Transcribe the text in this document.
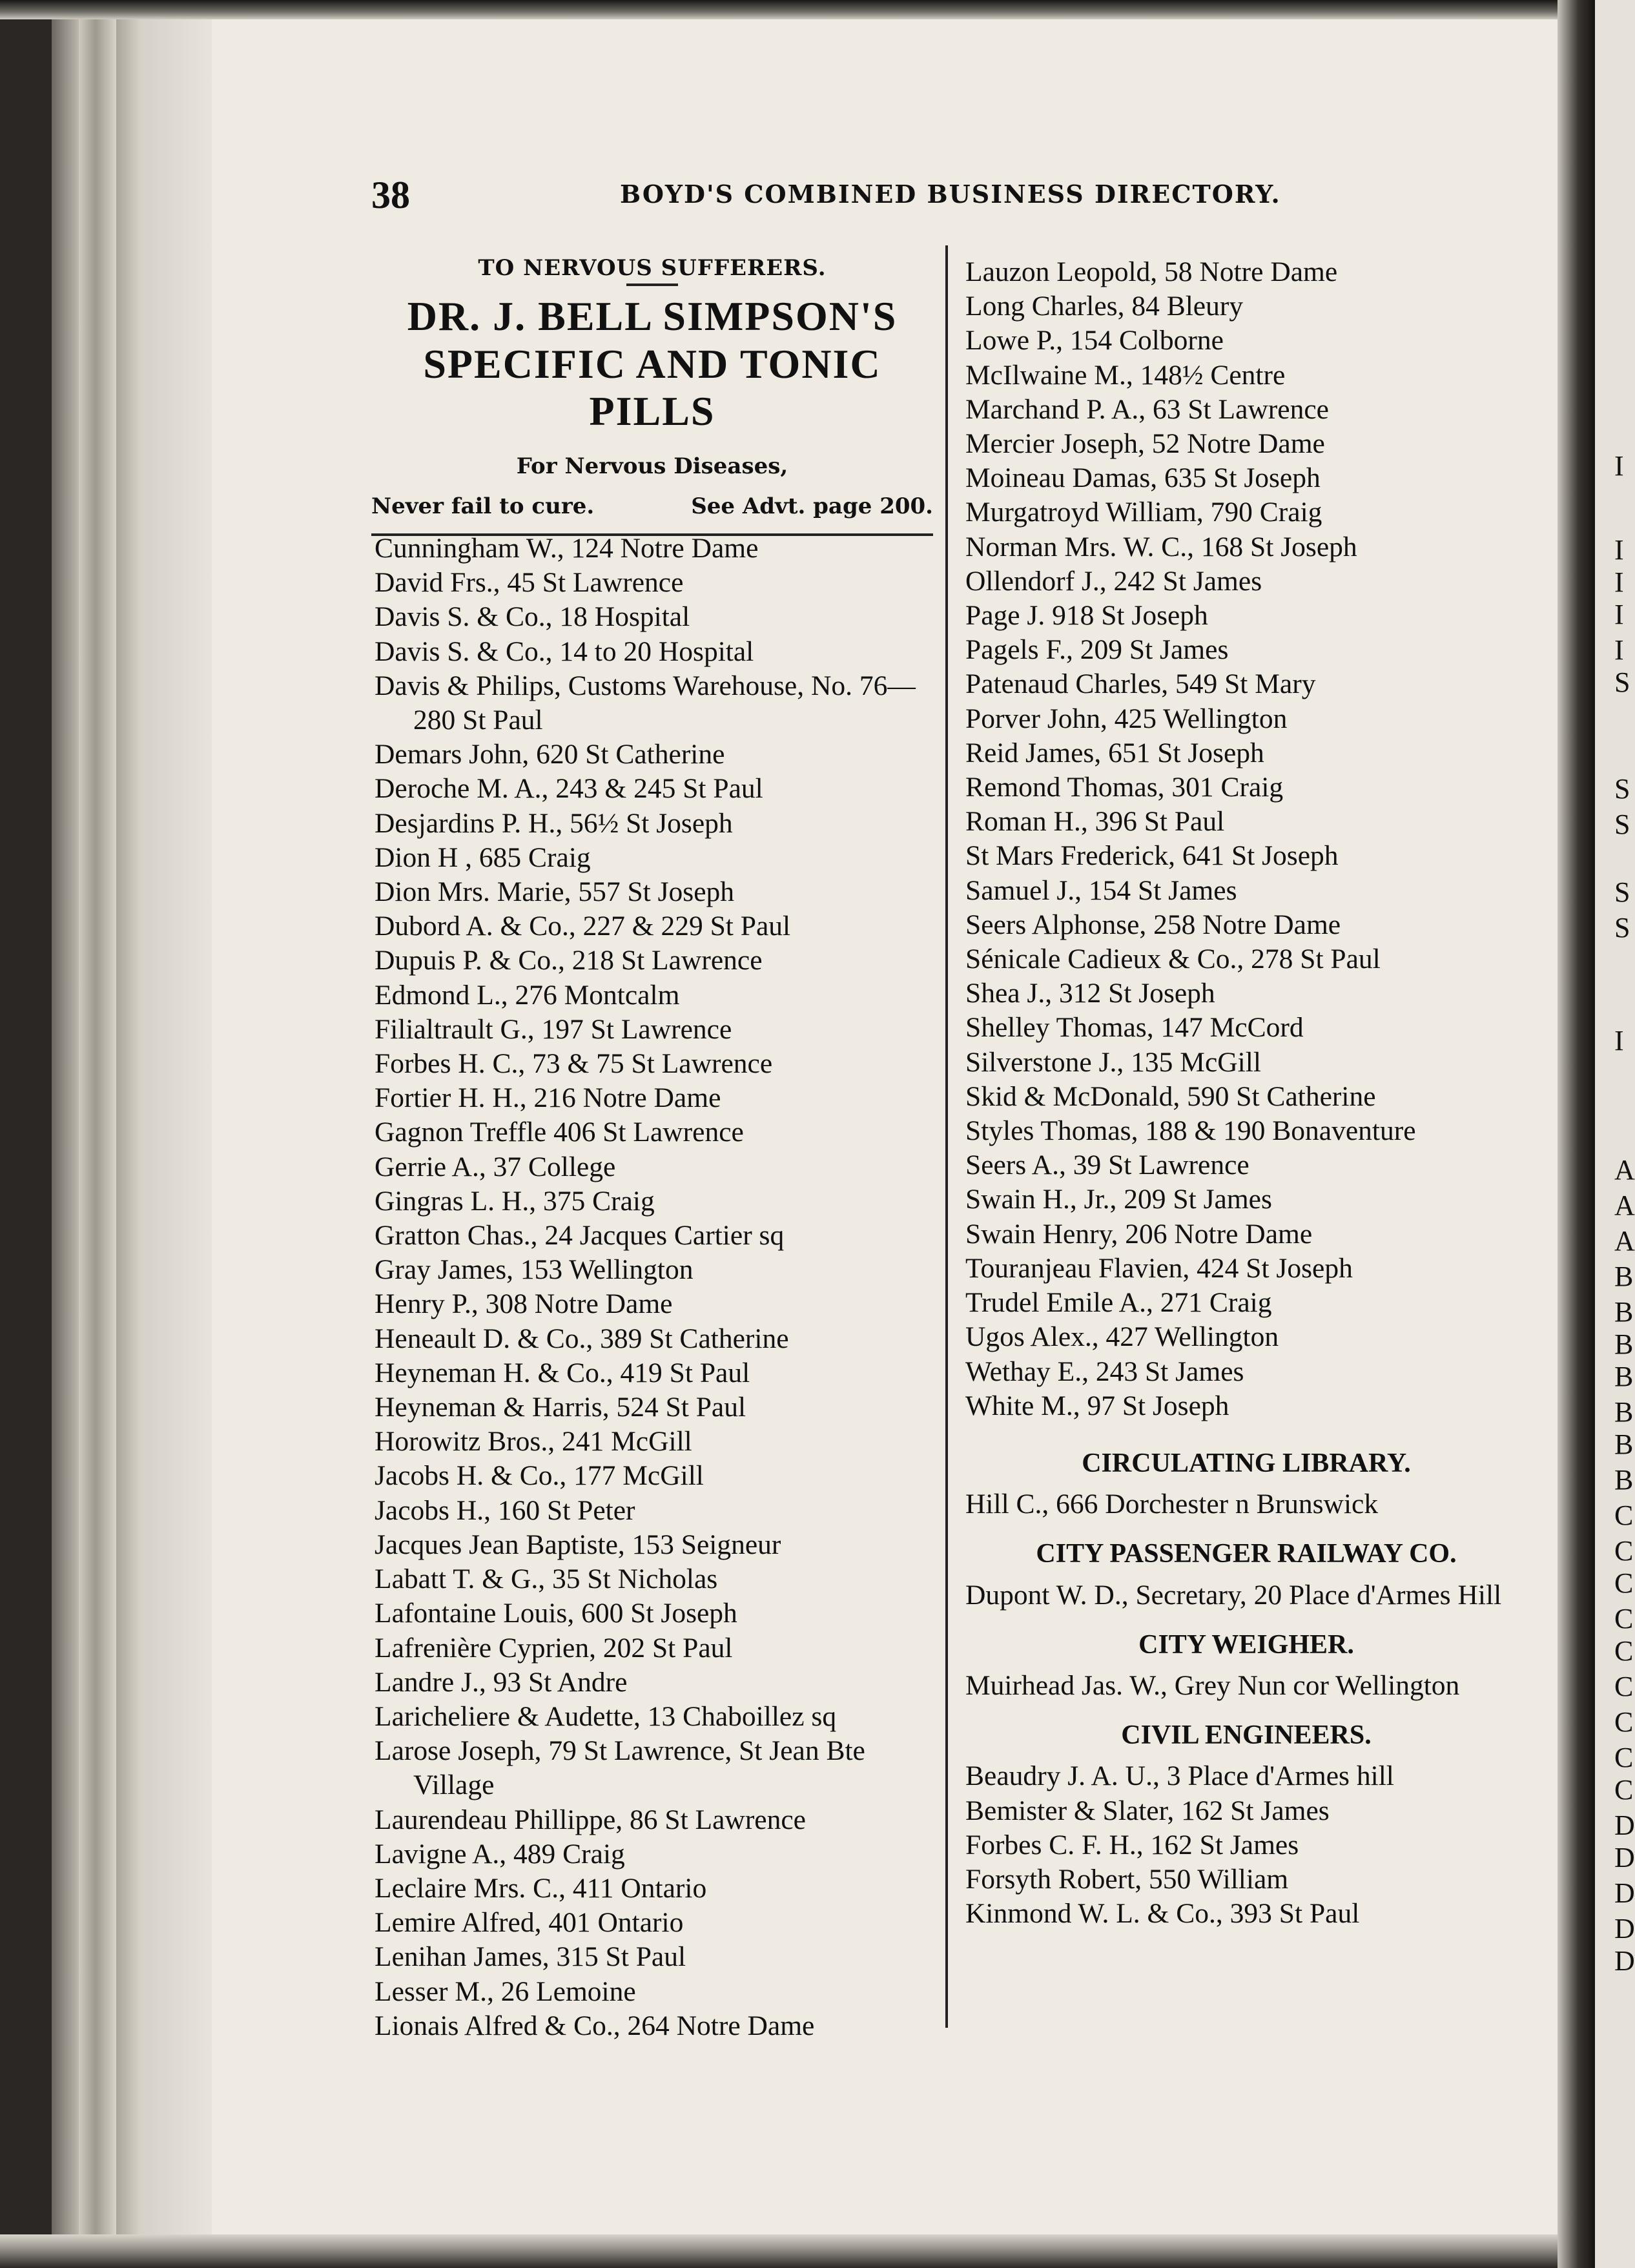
I
I
I
I
I
S
S
S
S
S
I
A
A
A
B
B
B
B
B
B
B
C
C
C
C
C
C
C
C
C
D
D
D
D
D
38	BOYD'S COMBINED BUSINESS DIRECTORY.
TO NERVOUS SUFFERERS.
DR. J. BELL SIMPSON'S
SPECIFIC AND TONIC PILLS
For Nervous Diseases,
Never fail to cure.	See Advt. page 200.
Cunningham W., 124 Notre Dame
David Frs., 45 St Lawrence
Davis S. & Co., 18 Hospital
Davis S. & Co., 14 to 20 Hospital
Davis & Philips, Customs Warehouse, No. 76—280 St Paul
Demars John, 620 St Catherine
Deroche M. A., 243 & 245 St Paul
Desjardins P. H., 56½ St Joseph
Dion H , 685 Craig
Dion Mrs. Marie, 557 St Joseph
Dubord A. & Co., 227 & 229 St Paul
Dupuis P. & Co., 218 St Lawrence
Edmond L., 276 Montcalm
Filialtrault G., 197 St Lawrence
Forbes H. C., 73 & 75 St Lawrence
Fortier H. H., 216 Notre Dame
Gagnon Treffle 406 St Lawrence
Gerrie A., 37 College
Gingras L. H., 375 Craig
Gratton Chas., 24 Jacques Cartier sq
Gray James, 153 Wellington
Henry P., 308 Notre Dame
Heneault D. & Co., 389 St Catherine
Heyneman H. & Co., 419 St Paul
Heyneman & Harris, 524 St Paul
Horowitz Bros., 241 McGill
Jacobs H. & Co., 177 McGill
Jacobs H., 160 St Peter
Jacques Jean Baptiste, 153 Seigneur
Labatt T. & G., 35 St Nicholas
Lafontaine Louis, 600 St Joseph
Lafrenière Cyprien, 202 St Paul
Landre J., 93 St Andre
Laricheliere & Audette, 13 Chaboillez sq
Larose Joseph, 79 St Lawrence, St Jean Bte Village
Laurendeau Phillippe, 86 St Lawrence
Lavigne A., 489 Craig
Leclaire Mrs. C., 411 Ontario
Lemire Alfred, 401 Ontario
Lenihan James, 315 St Paul
Lesser M., 26 Lemoine
Lionais Alfred & Co., 264 Notre Dame
Lauzon Leopold, 58 Notre Dame
Long Charles, 84 Bleury
Lowe P., 154 Colborne
McIlwaine M., 148½ Centre
Marchand P. A., 63 St Lawrence
Mercier Joseph, 52 Notre Dame
Moineau Damas, 635 St Joseph
Murgatroyd William, 790 Craig
Norman Mrs. W. C., 168 St Joseph
Ollendorf J., 242 St James
Page J. 918 St Joseph
Pagels F., 209 St James
Patenaud Charles, 549 St Mary
Porver John, 425 Wellington
Reid James, 651 St Joseph
Remond Thomas, 301 Craig
Roman H., 396 St Paul
St Mars Frederick, 641 St Joseph
Samuel J., 154 St James
Seers Alphonse, 258 Notre Dame
Sénicale Cadieux & Co., 278 St Paul
Shea J., 312 St Joseph
Shelley Thomas, 147 McCord
Silverstone J., 135 McGill
Skid & McDonald, 590 St Catherine
Styles Thomas, 188 & 190 Bonaventure
Seers A., 39 St Lawrence
Swain H., Jr., 209 St James
Swain Henry, 206 Notre Dame
Touranjeau Flavien, 424 St Joseph
Trudel Emile A., 271 Craig
Ugos Alex., 427 Wellington
Wethay E., 243 St James
White M., 97 St Joseph
CIRCULATING LIBRARY.
Hill C., 666 Dorchester n Brunswick
CITY PASSENGER RAILWAY CO.
Dupont W. D., Secretary, 20 Place d'Armes Hill
CITY WEIGHER.
Muirhead Jas. W., Grey Nun cor Wellington
CIVIL ENGINEERS.
Beaudry J. A. U., 3 Place d'Armes hill
Bemister & Slater, 162 St James
Forbes C. F. H., 162 St James
Forsyth Robert, 550 William
Kinmond W. L. & Co., 393 St Paul
